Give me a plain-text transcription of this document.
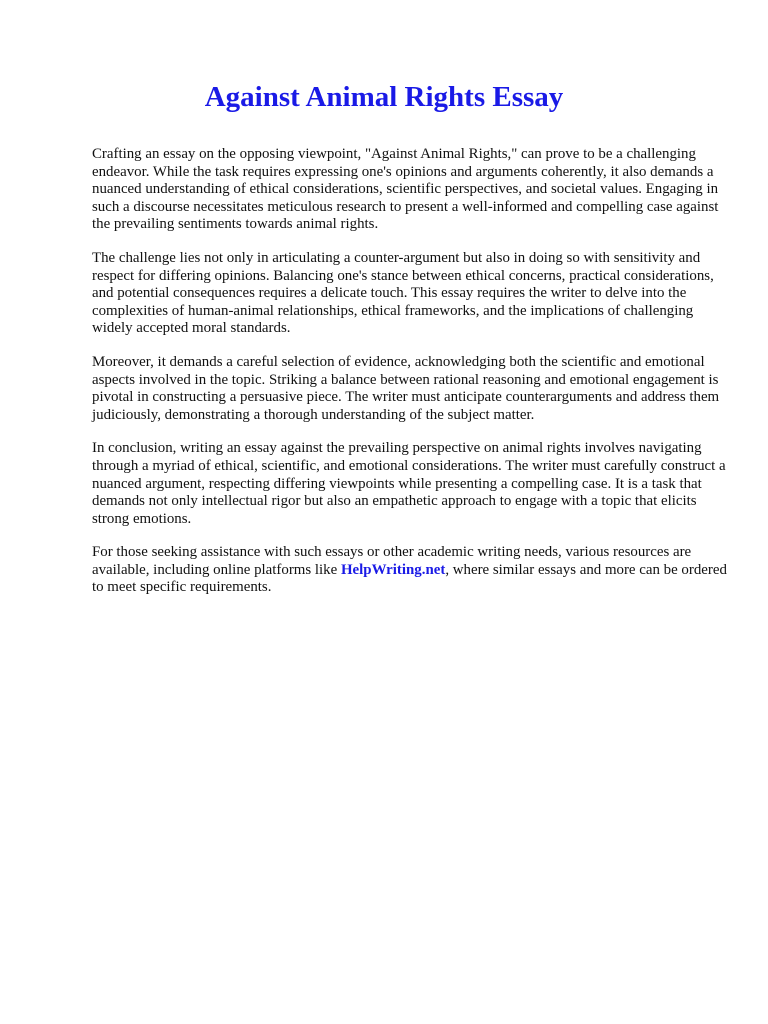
Against Animal Rights Essay

Crafting an essay on the opposing viewpoint, "Against Animal Rights," can prove to be a challenging endeavor. While the task requires expressing one's opinions and arguments coherently, it also demands a nuanced understanding of ethical considerations, scientific perspectives, and societal values. Engaging in such a discourse necessitates meticulous research to present a well-informed and compelling case against the prevailing sentiments towards animal rights.

The challenge lies not only in articulating a counter-argument but also in doing so with sensitivity and respect for differing opinions. Balancing one's stance between ethical concerns, practical considerations, and potential consequences requires a delicate touch. This essay requires the writer to delve into the complexities of human-animal relationships, ethical frameworks, and the implications of challenging widely accepted moral standards.

Moreover, it demands a careful selection of evidence, acknowledging both the scientific and emotional aspects involved in the topic. Striking a balance between rational reasoning and emotional engagement is pivotal in constructing a persuasive piece. The writer must anticipate counterarguments and address them judiciously, demonstrating a thorough understanding of the subject matter.

In conclusion, writing an essay against the prevailing perspective on animal rights involves navigating through a myriad of ethical, scientific, and emotional considerations. The writer must carefully construct a nuanced argument, respecting differing viewpoints while presenting a compelling case. It is a task that demands not only intellectual rigor but also an empathetic approach to engage with a topic that elicits strong emotions.

For those seeking assistance with such essays or other academic writing needs, various resources are available, including online platforms like HelpWriting.net, where similar essays and more can be ordered to meet specific requirements.
